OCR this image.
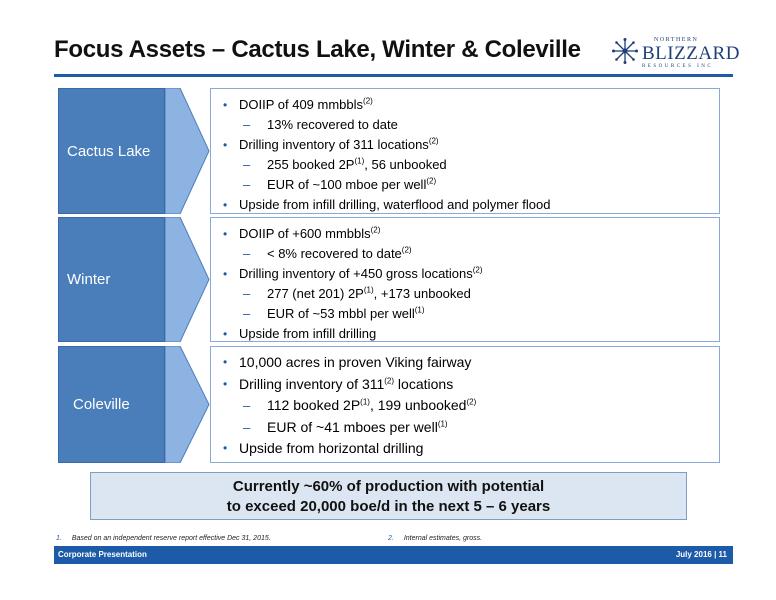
Focus Assets – Cactus Lake, Winter & Coleville	NORTHERN
BLIZZARD
RESOURCES INC
Cactus Lake
• DOIIP of 409 mmbbls$^{(2)}$
– 13% recovered to date
• Drilling inventory of 311 locations$^{(2)}$
– 255 booked $2P^{(1)}$, 56 unbooked
– EUR of ~100 mboe per well$^{(2)}$
• Upside from infill drilling, waterflood and polymer flood
Winter
• DOIIP of +600 mmbbls$^{(2)}$
– < 8% recovered to date$^{(2)}$
• Drilling inventory of +450 gross locations$^{(2)}$
– 277 (net 201) $2P^{(1)}$, +173 unbooked
– EUR of ~53 mbbl per well$^{(1)}$
• Upside from infill drilling
Coleville
• 10,000 acres in proven Viking fairway
• Drilling inventory of 311$^{(2)}$ locations
– 112 booked $2P^{(1)}$, 199 unbooked$^{(2)}$
– EUR of ~41 mboes per well$^{(1)}$
• Upside from horizontal drilling
Currently ~60% of production with potential
to exceed 20,000 boe/d in the next 5 – 6 years
1. Based on an independent reserve report effective Dec 31, 2015.	2. Internal estimates, gross.
Corporate Presentation	July 2016 | 11
